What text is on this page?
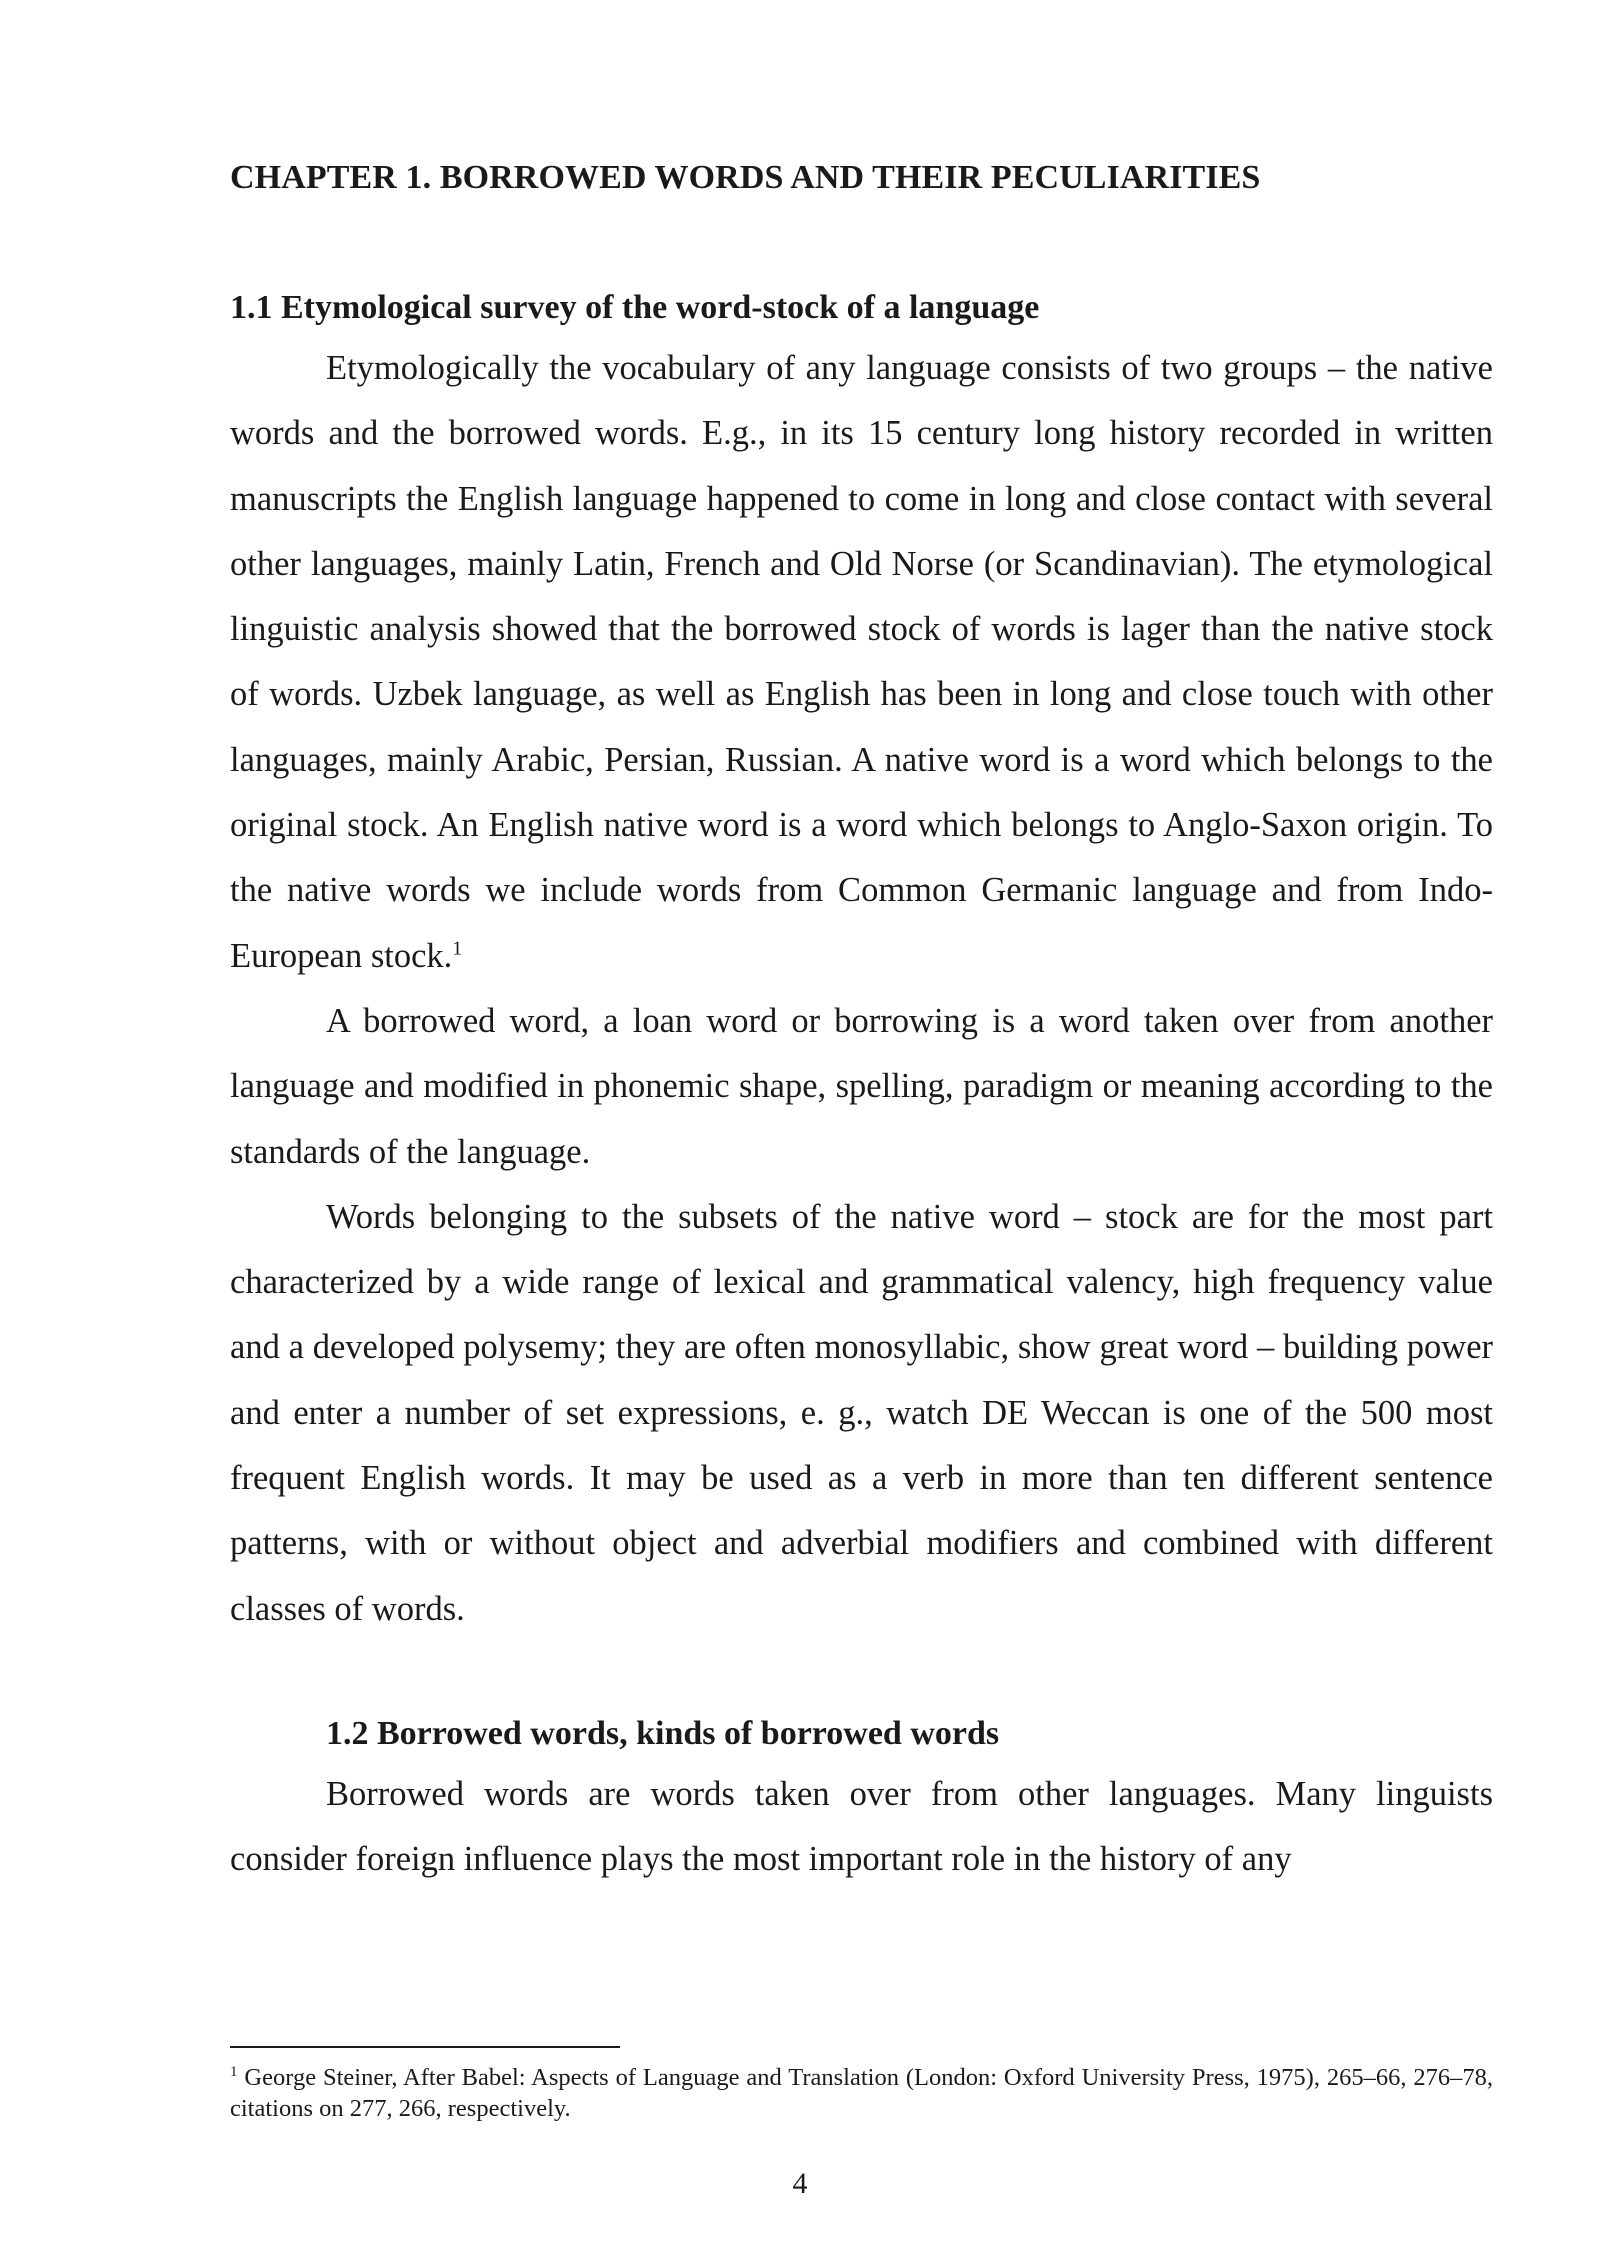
CHAPTER 1. BORROWED WORDS AND THEIR PECULIARITIES
1.1 Etymological survey of the word-stock of a language

Etymologically the vocabulary of any language consists of two groups – the native words and the borrowed words. E.g., in its 15 century long history recorded in written manuscripts the English language happened to come in long and close contact with several other languages, mainly Latin, French and Old Norse (or Scandinavian). The etymological linguistic analysis showed that the borrowed stock of words is lager than the native stock of words. Uzbek language, as well as English has been in long and close touch with other languages, mainly Arabic, Persian, Russian. A native word is a word which belongs to the original stock. An English native word is a word which belongs to Anglo-Saxon origin. To the native words we include words from Common Germanic language and from Indo-European stock.$^1$

A borrowed word, a loan word or borrowing is a word taken over from another language and modified in phonemic shape, spelling, paradigm or meaning according to the standards of the language.

Words belonging to the subsets of the native word – stock are for the most part characterized by a wide range of lexical and grammatical valency, high frequency value and a developed polysemy; they are often monosyllabic, show great word – building power and enter a number of set expressions, e. g., watch DE Weccan is one of the 500 most frequent English words. It may be used as a verb in more than ten different sentence patterns, with or without object and adverbial modifiers and combined with different classes of words.

1.2 Borrowed words, kinds of borrowed words

Borrowed words are words taken over from other languages. Many linguists consider foreign influence plays the most important role in the history of any

$^1$ George Steiner, After Babel: Aspects of Language and Translation (London: Oxford University Press, 1975), 265–66, 276–78, citations on 277, 266, respectively.

4
